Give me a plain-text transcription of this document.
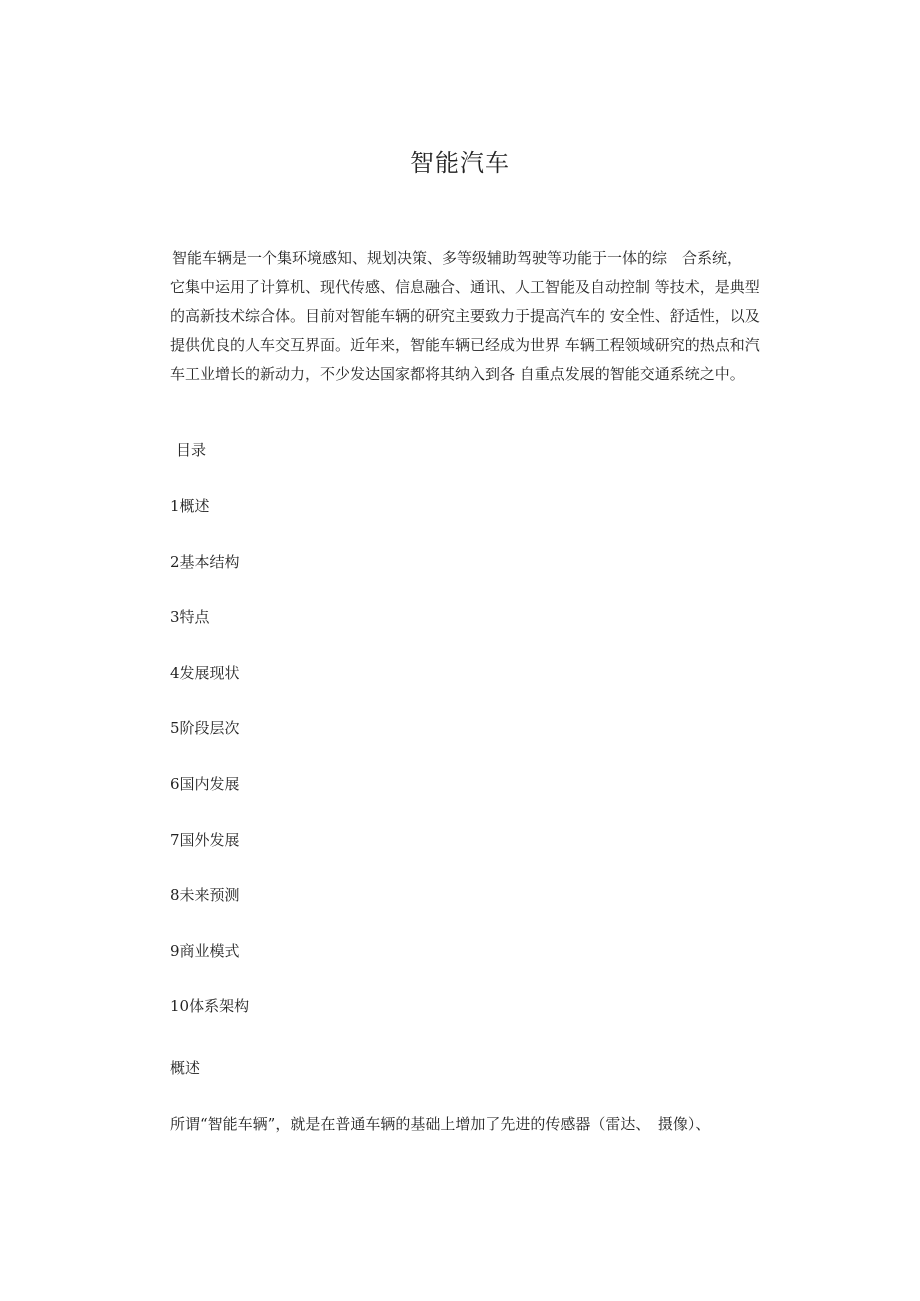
智能汽车

智能车辆是一个集环境感知、规划决策、多等级辅助驾驶等功能于一体的综　合系统，
它集中运用了计算机、现代传感、信息融合、通讯、人工智能及自动控制 等技术，是典型
的高新技术综合体。目前对智能车辆的研究主要致力于提高汽车的 安全性、舒适性，以及
提供优良的人车交互界面。近年来，智能车辆已经成为世界 车辆工程领域研究的热点和汽
车工业增长的新动力，不少发达国家都将其纳入到各 自重点发展的智能交通系统之中。

目录
1概述
2基本结构
3特点
4发展现状
5阶段层次
6国内发展
7国外发展
8未来预测
9商业模式
10体系架构
概述
所谓“智能车辆”，就是在普通车辆的基础上增加了先进的传感器（雷达、　摄像）、
